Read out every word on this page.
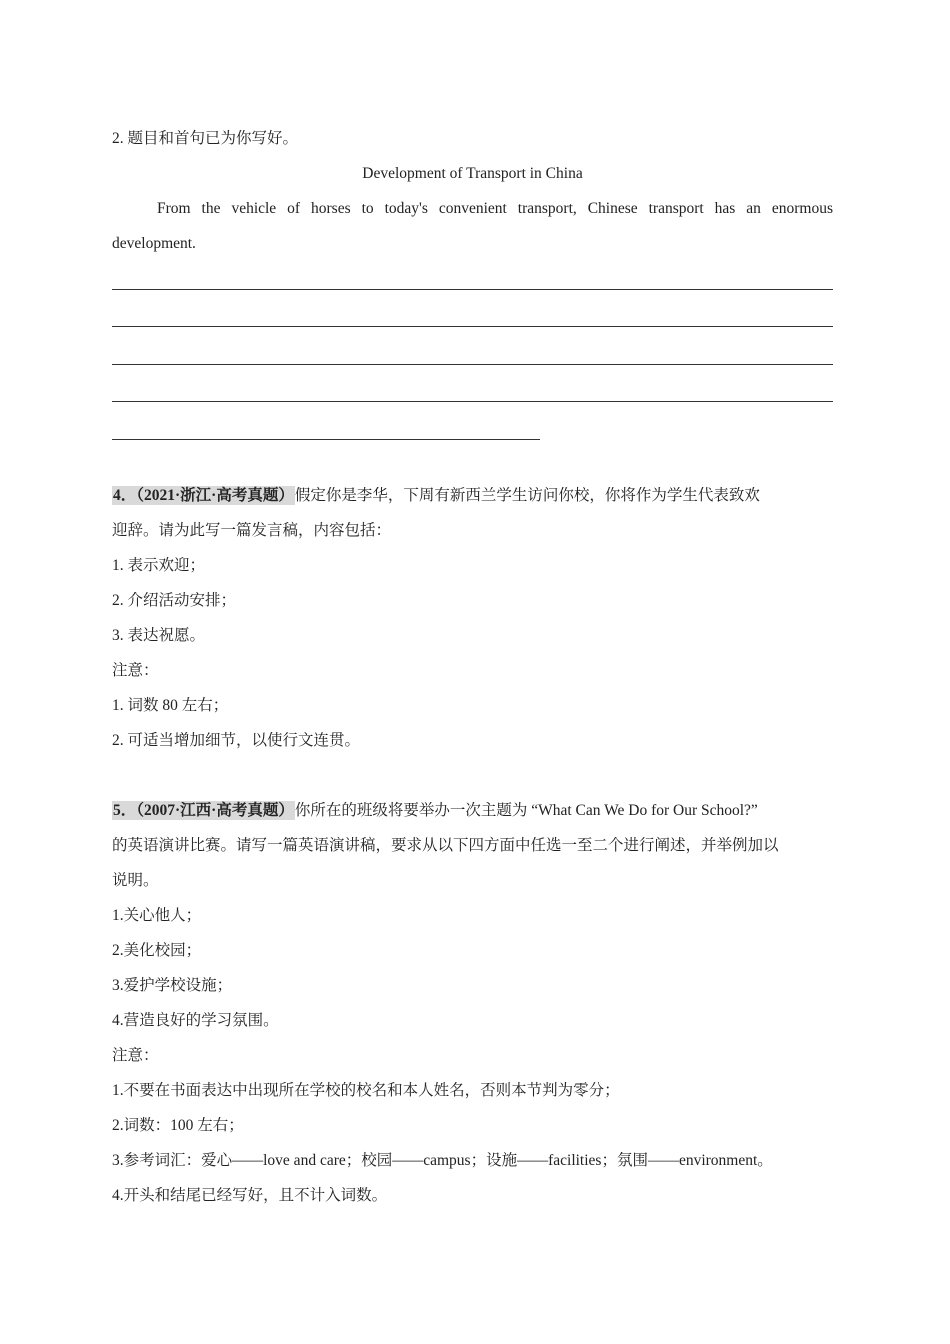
2. 题目和首句已为你写好。
Development of Transport in China
From the vehicle of horses to today's convenient transport, Chinese transport has an enormous
development.
4．（2021·浙江·高考真题）假定你是李华，下周有新西兰学生访问你校，你将作为学生代表致欢
迎辞。请为此写一篇发言稿，内容包括：
1. 表示欢迎；
2. 介绍活动安排；
3. 表达祝愿。
注意：
1. 词数 80 左右；
2. 可适当增加细节，以使行文连贯。
5．（2007·江西·高考真题）你所在的班级将要举办一次主题为 “What Can We Do for Our School?”
的英语演讲比赛。请写一篇英语演讲稿，要求从以下四方面中任选一至二个进行阐述，并举例加以
说明。
1.关心他人；
2.美化校园；
3.爱护学校设施；
4.营造良好的学习氛围。
注意：
1.不要在书面表达中出现所在学校的校名和本人姓名，否则本节判为零分；
2.词数：100 左右；
3.参考词汇：爱心——love and care；校园——campus；设施——facilities；氛围——environment。
4.开头和结尾已经写好，且不计入词数。
